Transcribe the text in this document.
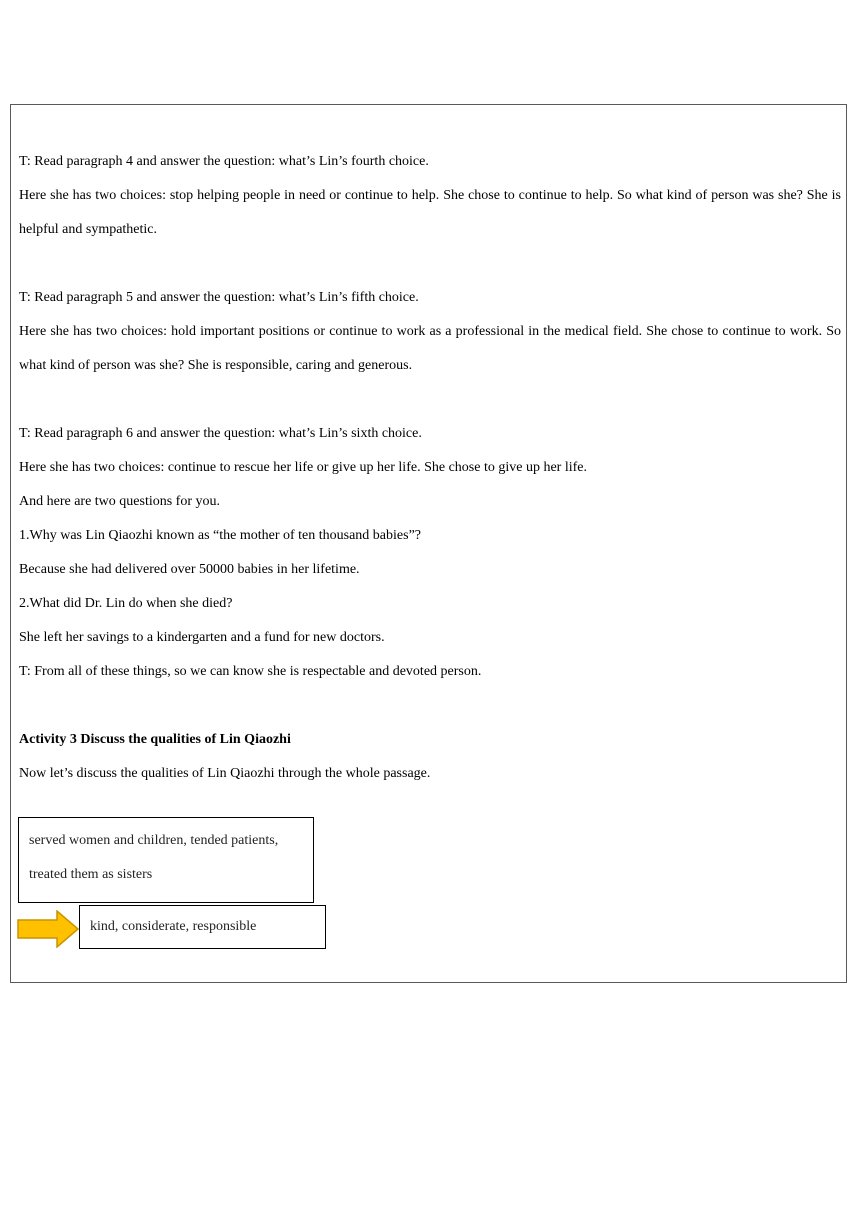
T: Read paragraph 4 and answer the question: what’s Lin’s fourth choice.
Here she has two choices: stop helping people in need or continue to help. She chose to continue to help. So what kind of person was she? She is helpful and sympathetic.
T: Read paragraph 5 and answer the question: what’s Lin’s fifth choice.
Here she has two choices: hold important positions or continue to work as a professional in the medical field. She chose to continue to work. So what kind of person was she? She is responsible, caring and generous.
T: Read paragraph 6 and answer the question: what’s Lin’s sixth choice.
Here she has two choices: continue to rescue her life or give up her life. She chose to give up her life.
And here are two questions for you.
1.Why was Lin Qiaozhi known as “the mother of ten thousand babies”?
Because she had delivered over 50000 babies in her lifetime.
2.What did Dr. Lin do when she died?
She left her savings to a kindergarten and a fund for new doctors.
T: From all of these things, so we can know she is respectable and devoted person.
Activity 3 Discuss the qualities of Lin Qiaozhi
Now let’s discuss the qualities of Lin Qiaozhi through the whole passage.
served women and children, tended patients,
treated them as sisters
kind, considerate, responsible
